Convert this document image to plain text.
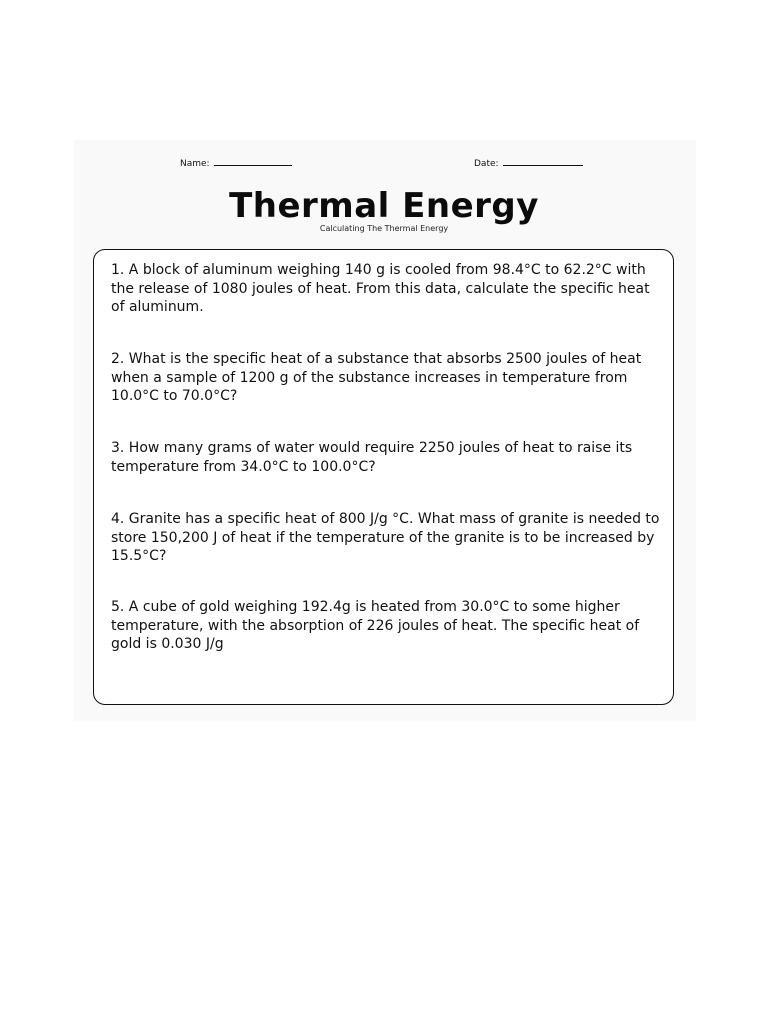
Name:	Date:
Thermal Energy
Calculating The Thermal Energy

1. A block of aluminum weighing 140 g is cooled from 98.4°C to 62.2°C with the release of 1080 joules of heat. From this data, calculate the specific heat of aluminum.

2. What is the specific heat of a substance that absorbs 2500 joules of heat when a sample of 1200 g of the substance increases in temperature from 10.0°C to 70.0°C?

3. How many grams of water would require 2250 joules of heat to raise its temperature from 34.0°C to 100.0°C?

4. Granite has a specific heat of 800 J/g °C. What mass of granite is needed to store 150,200 J of heat if the temperature of the granite is to be increased by 15.5°C?

5. A cube of gold weighing 192.4g is heated from 30.0°C to some higher temperature, with the absorption of 226 joules of heat. The specific heat of gold is 0.030 J/g
